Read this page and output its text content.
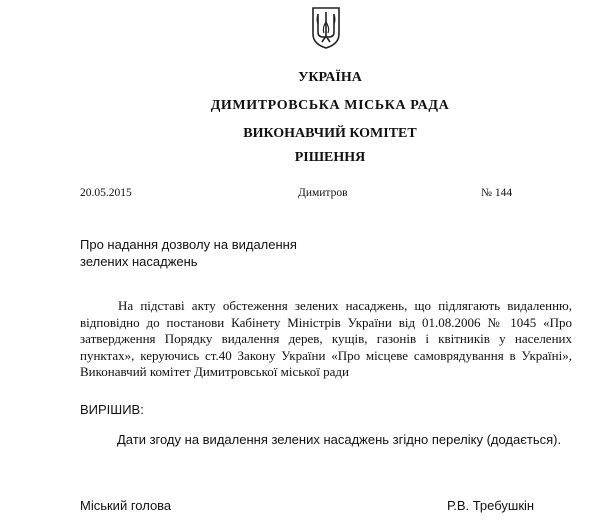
УКРАЇНА
ДИМИТРОВСЬКА МІСЬКА РАДА
ВИКОНАВЧИЙ КОМІТЕТ
РІШЕННЯ
20.05.2015	Димитров	№ 144

Про надання дозволу на видалення
зелених насаджень

На підставі акту обстеження зелених насаджень, що підлягають видаленню, відповідно до постанови Кабінету Міністрів України від 01.08.2006 № 1045 «Про затвердження Порядку видалення дерев, кущів, газонів і квітників у населених пунктах», керуючись ст.40 Закону України «Про місцеве самоврядування в Україні», Виконавчий комітет Димитровської міської ради

ВИРІШИВ:

Дати згоду на видалення зелених насаджень згідно переліку (додається).

Міський голова	Р.В. Требушкін
